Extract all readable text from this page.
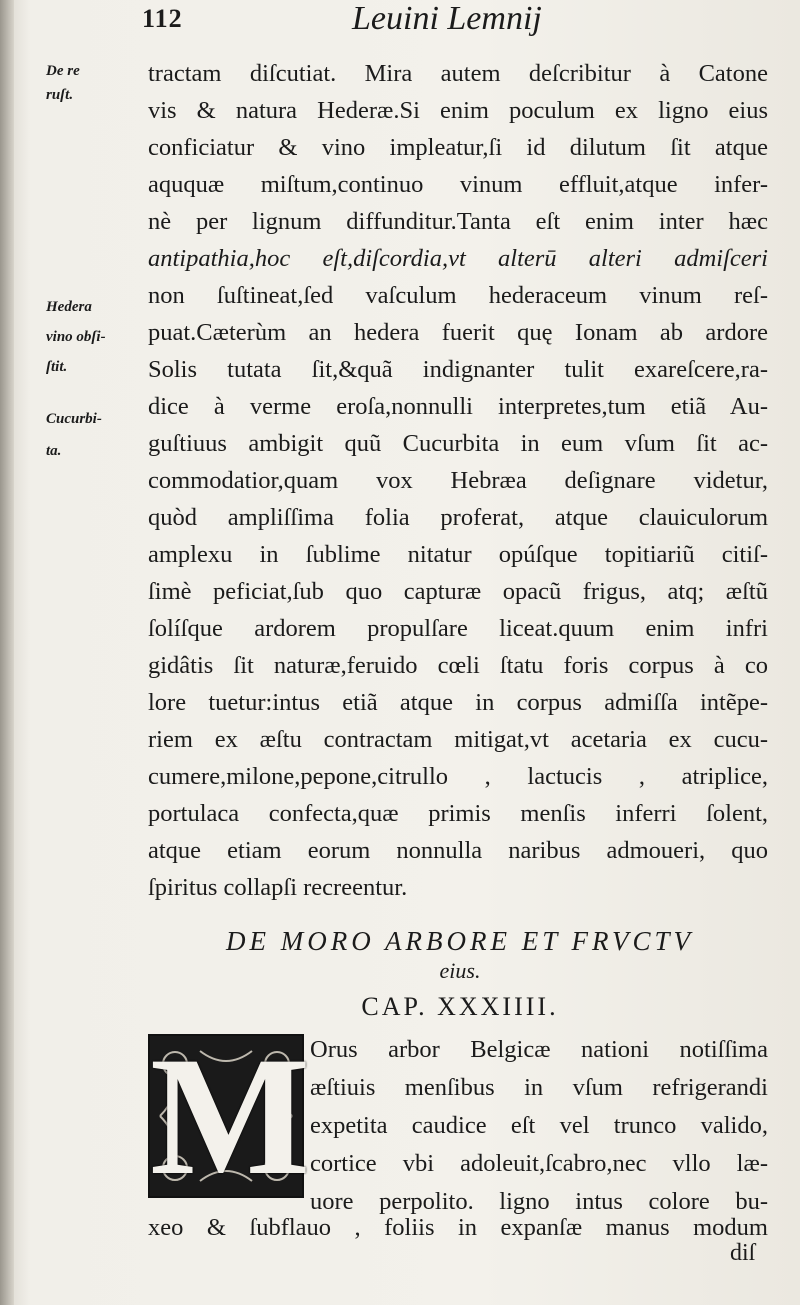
112	Leuini Lemnij
De re
ruſt.
Hedera
vino obſi-
ſtit.
Cucurbi-
ta.
tractam diſcutiat. Mira autem deſcribitur à Catone
vis & natura Hederæ.Si enim poculum ex ligno eius
conficiatur & vino impleatur,ſi id dilutum ſit atque
aququæ miſtum,continuo vinum effluit,atque infer-
nè per lignum diffunditur.Tanta eſt enim inter hæc
antipathia,hoc eſt,diſcordia,vt alterū alteri admiſceri
non ſuſtineat,ſed vaſculum hederaceum vinum reſ-
puat.Cæterùm an hedera fuerit quę Ionam ab ardore
Solis tutata ſit,&quã indignanter tulit exareſcere,ra-
dice à verme eroſa,nonnulli interpretes,tum etiã Au-
guſtiuus ambigit quũ Cucurbita in eum vſum ſit ac-
commodatior,quam vox Hebræa deſignare videtur,
quòd ampliſſima folia proferat, atque clauiculorum
amplexu in ſublime nitatur opúſque topitiariũ citiſ-
ſimè peficiat,ſub quo capturæ opacũ frigus, atq; æſtũ
ſolíſque ardorem propulſare liceat.quum enim infri
gidâtis ſit naturæ,feruido cœli ſtatu foris corpus à co
lore tuetur:intus etiã atque in corpus admiſſa intẽpe-
riem ex æſtu contractam mitigat,vt acetaria ex cucu-
cumere,milone,pepone,citrullo , lactucis , atriplice,
portulaca confecta,quæ primis menſis inferri ſolent,
atque etiam eorum nonnulla naribus admoueri, quo
ſpiritus collapſi recreentur.
DE MORO ARBORE ET FRVCTV
eius.
CAP. XXXIIII.
M Orus arbor Belgicæ nationi notiſſima
æſtiuis menſibus in vſum refrigerandi
expetita caudice eſt vel trunco valido,
cortice vbi adoleuit,ſcabro,nec vllo læ-
uore perpolito. ligno intus colore bu-
xeo & ſubflauo , foliis in expanſæ manus modum
diſ
